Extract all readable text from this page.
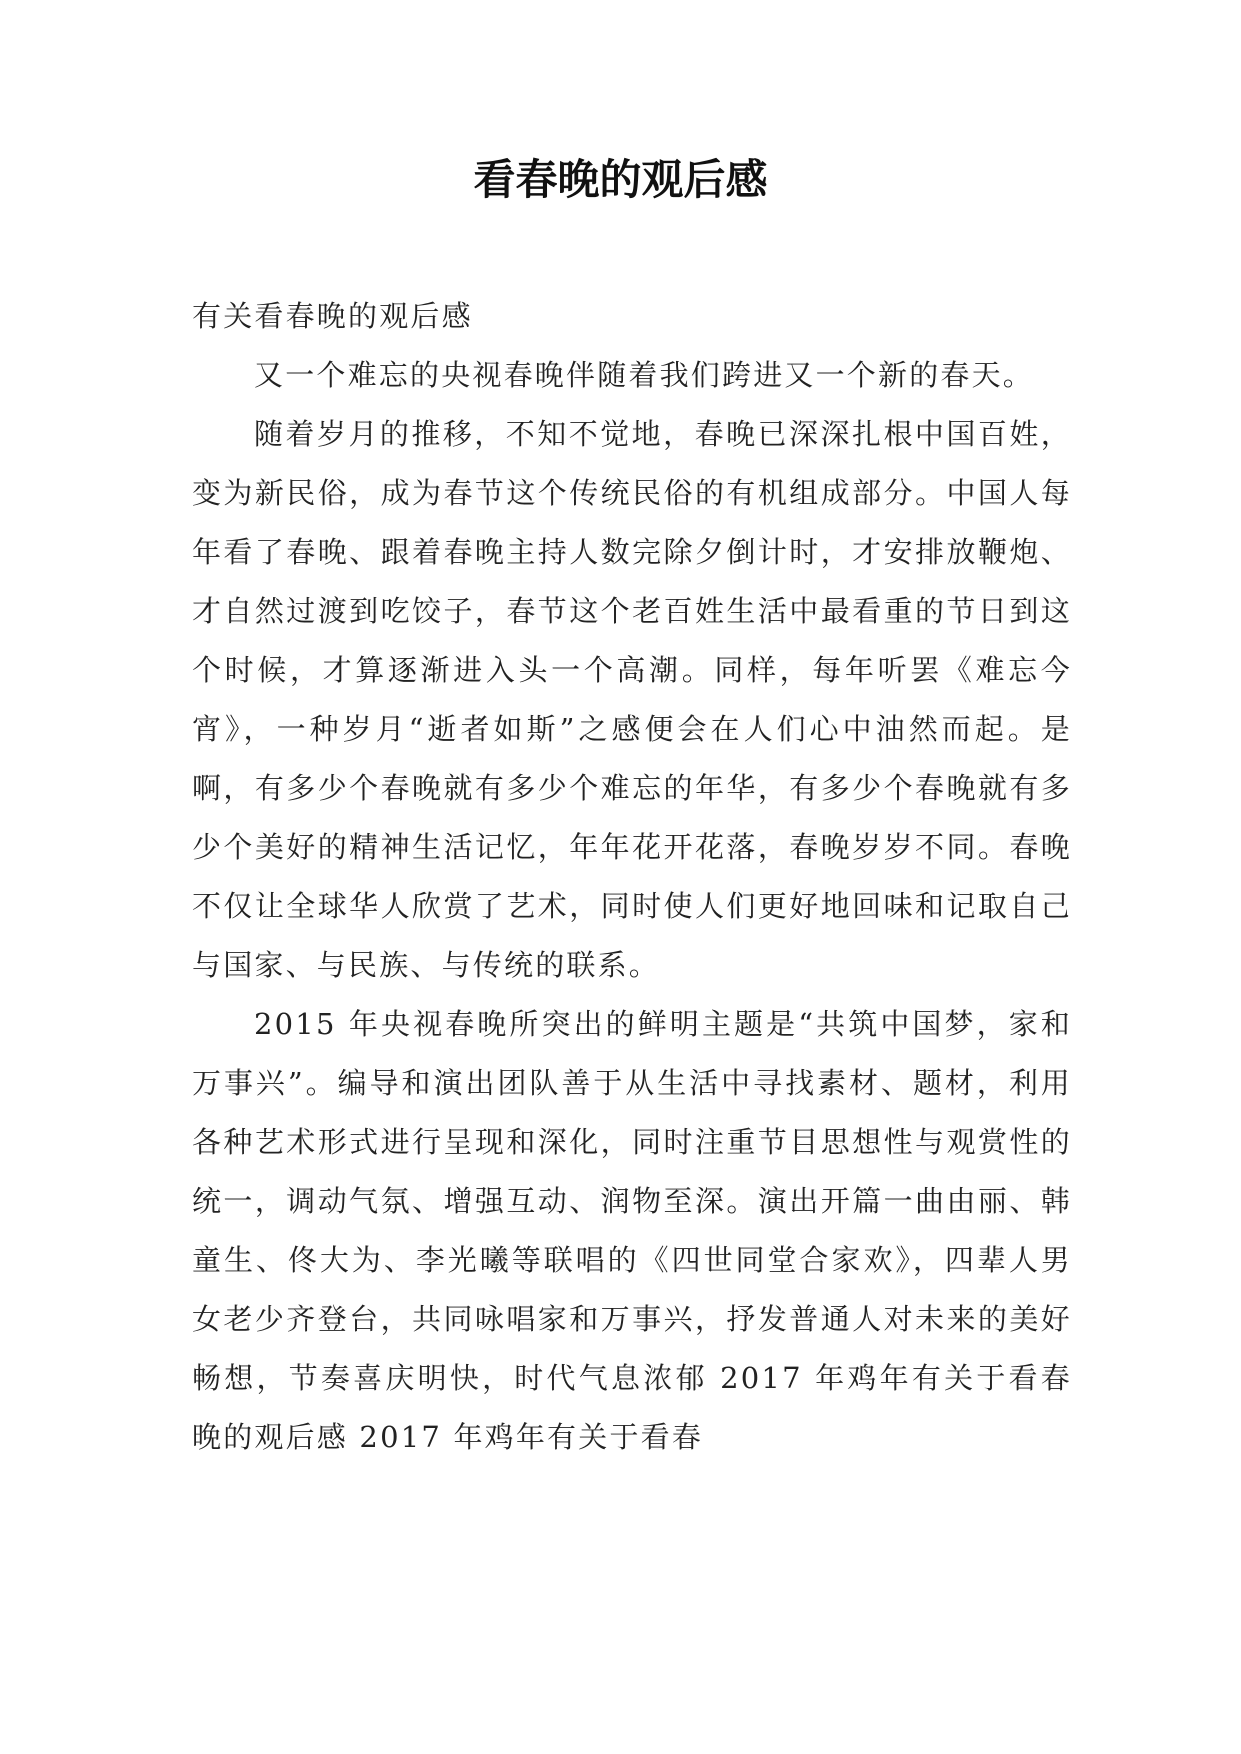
看春晚的观后感

有关看春晚的观后感

又一个难忘的央视春晚伴随着我们跨进又一个新的春天。

随着岁月的推移，不知不觉地，春晚已深深扎根中国百姓，变为新民俗，成为春节这个传统民俗的有机组成部分。中国人每年看了春晚、跟着春晚主持人数完除夕倒计时，才安排放鞭炮、才自然过渡到吃饺子，春节这个老百姓生活中最看重的节日到这个时候，才算逐渐进入头一个高潮。同样，每年听罢《难忘今宵》，一种岁月“逝者如斯”之感便会在人们心中油然而起。是啊，有多少个春晚就有多少个难忘的年华，有多少个春晚就有多少个美好的精神生活记忆，年年花开花落，春晚岁岁不同。春晚不仅让全球华人欣赏了艺术，同时使人们更好地回味和记取自己与国家、与民族、与传统的联系。

2015 年央视春晚所突出的鲜明主题是“共筑中国梦，家和万事兴”。编导和演出团队善于从生活中寻找素材、题材，利用各种艺术形式进行呈现和深化，同时注重节目思想性与观赏性的统一，调动气氛、增强互动、润物至深。演出开篇一曲由丽、韩童生、佟大为、李光曦等联唱的《四世同堂合家欢》，四辈人男女老少齐登台，共同咏唱家和万事兴，抒发普通人对未来的美好畅想，节奏喜庆明快，时代气息浓郁 2017 年鸡年有关于看春晚的观后感 2017 年鸡年有关于看春
